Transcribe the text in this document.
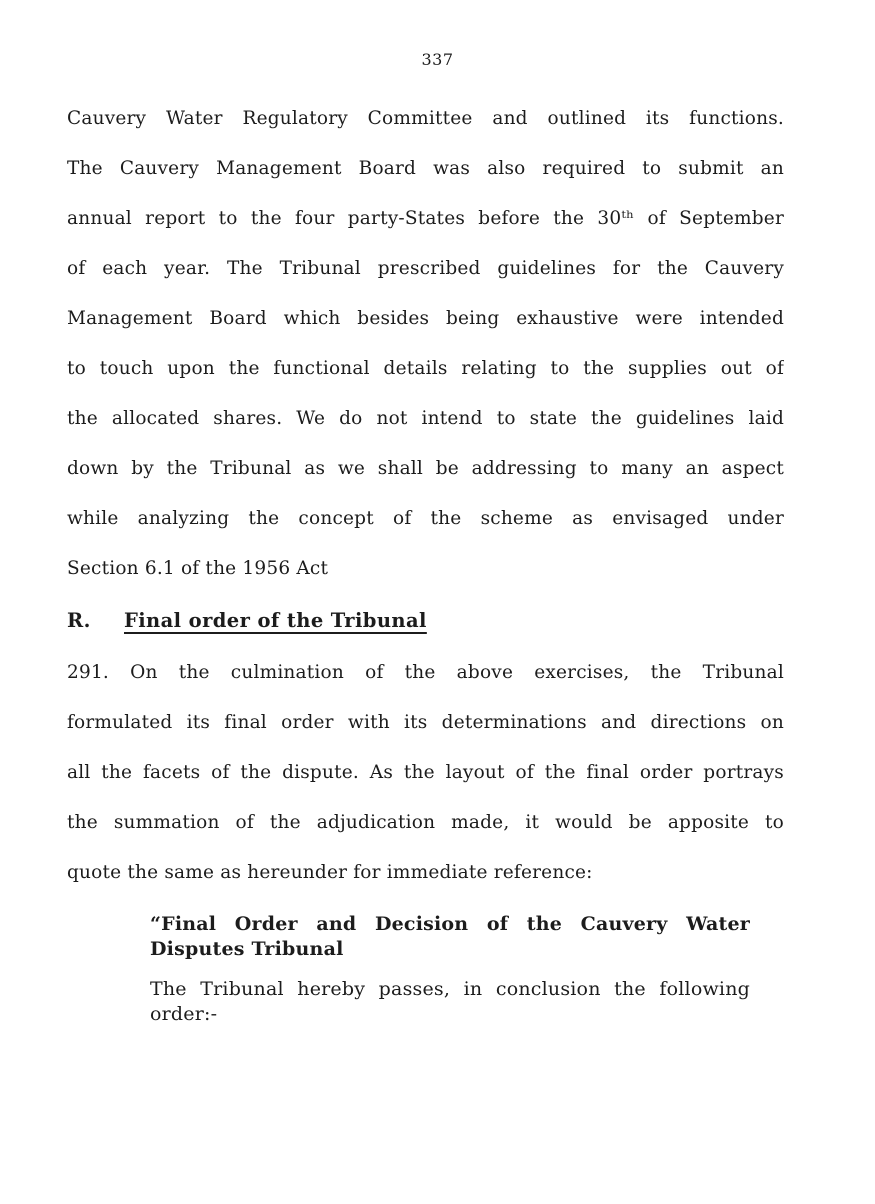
337
Cauvery Water Regulatory Committee and outlined its functions.
The Cauvery Management Board was also required to submit an
annual report to the four party-States before the 30ᵗʰ of September
of each year. The Tribunal prescribed guidelines for the Cauvery
Management Board which besides being exhaustive were intended
to touch upon the functional details relating to the supplies out of
the allocated shares. We do not intend to state the guidelines laid
down by the Tribunal as we shall be addressing to many an aspect
while analyzing the concept of the scheme as envisaged under
Section 6.1 of the 1956 Act
R.	Final order of the Tribunal
291. On the culmination of the above exercises, the Tribunal
formulated its final order with its determinations and directions on
all the facets of the dispute. As the layout of the final order portrays
the summation of the adjudication made, it would be apposite to
quote the same as hereunder for immediate reference:
“Final Order and Decision of the Cauvery Water
Disputes Tribunal
The Tribunal hereby passes, in conclusion the following
order:-
